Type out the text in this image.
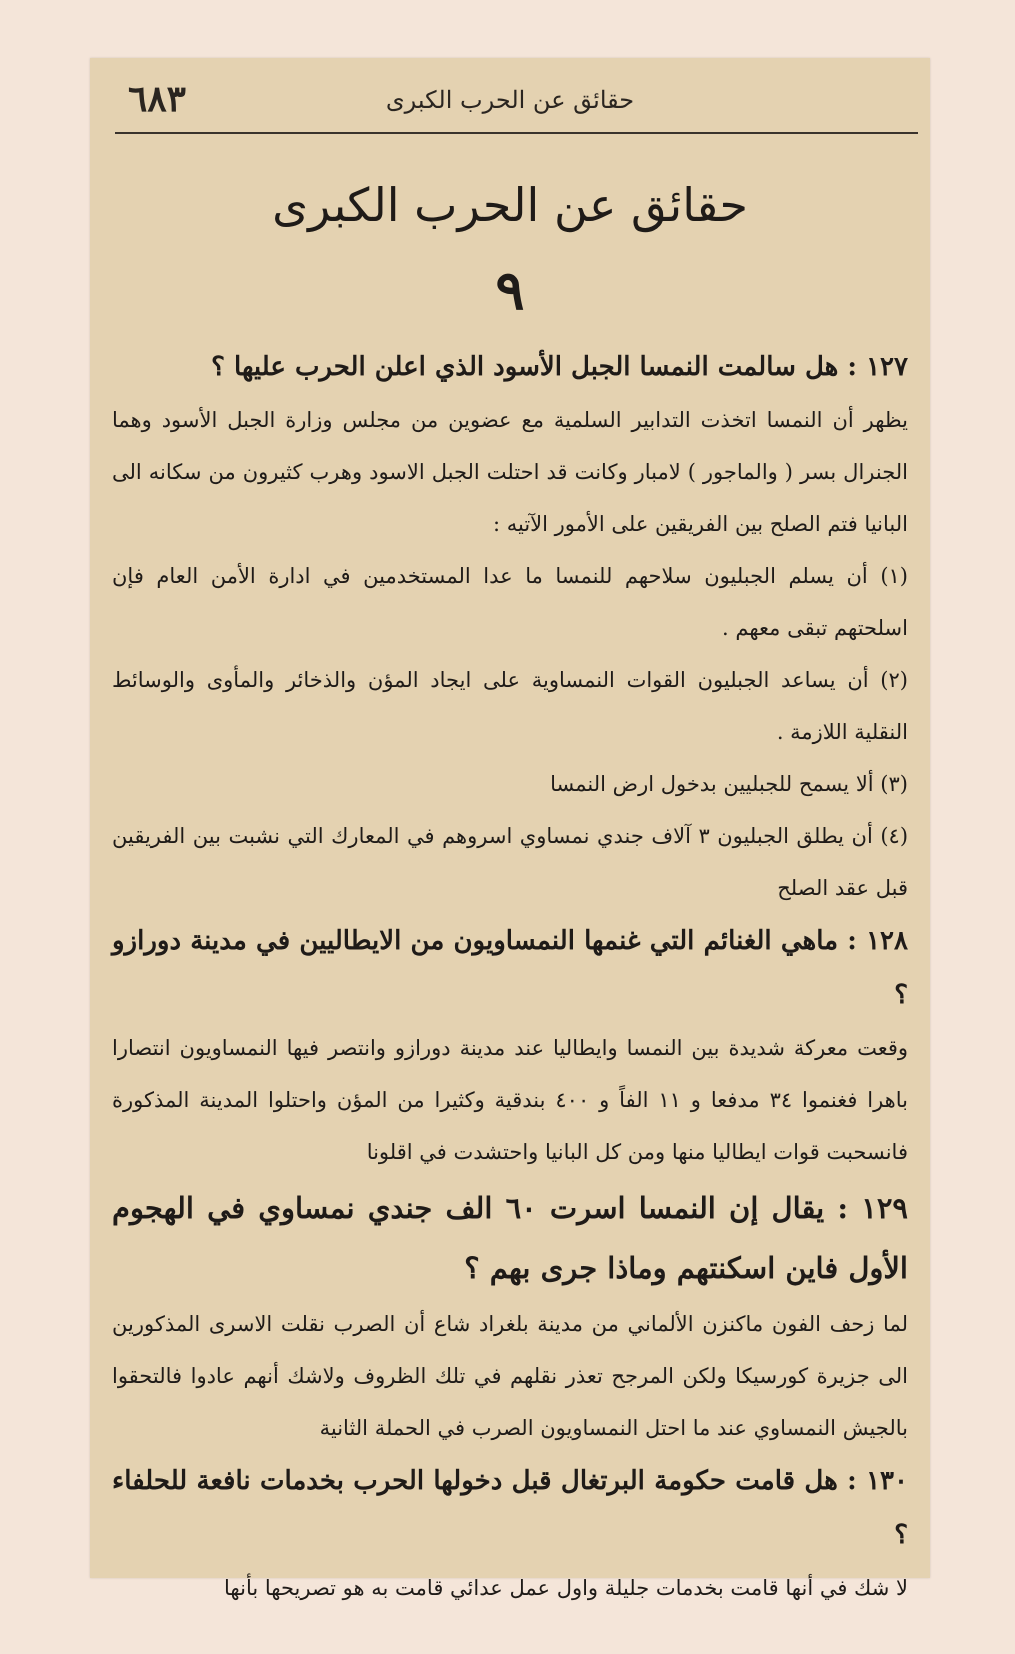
٦٨٣	حقائق عن الحرب الكبرى
حقائق عن الحرب الكبرى
٩

١٢٧ : هل سالمت النمسا الجبل الأسود الذي اعلن الحرب عليها ؟

يظهر أن النمسا اتخذت التدابير السلمية مع عضوين من مجلس وزارة الجبل الأسود وهما الجنرال بسر ( والماجور ) لامبار وكانت قد احتلت الجبل الاسود وهرب كثيرون من سكانه الى البانيا فتم الصلح بين الفريقين على الأمور الآتيه :

(١) أن يسلم الجبليون سلاحهم للنمسا ما عدا المستخدمين في ادارة الأمن العام فإن اسلحتهم تبقى معهم .

(٢) أن يساعد الجبليون القوات النمساوية على ايجاد المؤن والذخائر والمأوى والوسائط النقلية اللازمة .

(٣) ألا يسمح للجبليين بدخول ارض النمسا

(٤) أن يطلق الجبليون ٣ آلاف جندي نمساوي اسروهم في المعارك التي نشبت بين الفريقين قبل عقد الصلح

١٢٨ : ماهي الغنائم التي غنمها النمساويون من الايطاليين في مدينة دورازو ؟

وقعت معركة شديدة بين النمسا وايطاليا عند مدينة دورازو وانتصر فيها النمساويون انتصارا باهرا فغنموا ٣٤ مدفعا و ١١ الفاً و ٤٠٠ بندقية وكثيرا من المؤن واحتلوا المدينة المذكورة فانسحبت قوات ايطاليا منها ومن كل البانيا واحتشدت في اقلونا

١٢٩ : يقال إن النمسا اسرت ٦٠ الف جندي نمساوي في الهجوم الأول فاين اسكنتهم وماذا جرى بهم ؟

لما زحف الفون ماكنزن الألماني من مدينة بلغراد شاع أن الصرب نقلت الاسرى المذكورين الى جزيرة كورسيكا ولكن المرجح تعذر نقلهم في تلك الظروف ولاشك أنهم عادوا فالتحقوا بالجيش النمساوي عند ما احتل النمساويون الصرب في الحملة الثانية

١٣٠ : هل قامت حكومة البرتغال قبل دخولها الحرب بخدمات نافعة للحلفاء ؟

لا شك في أنها قامت بخدمات جليلة واول عمل عدائي قامت به هو تصريحها بأنها
